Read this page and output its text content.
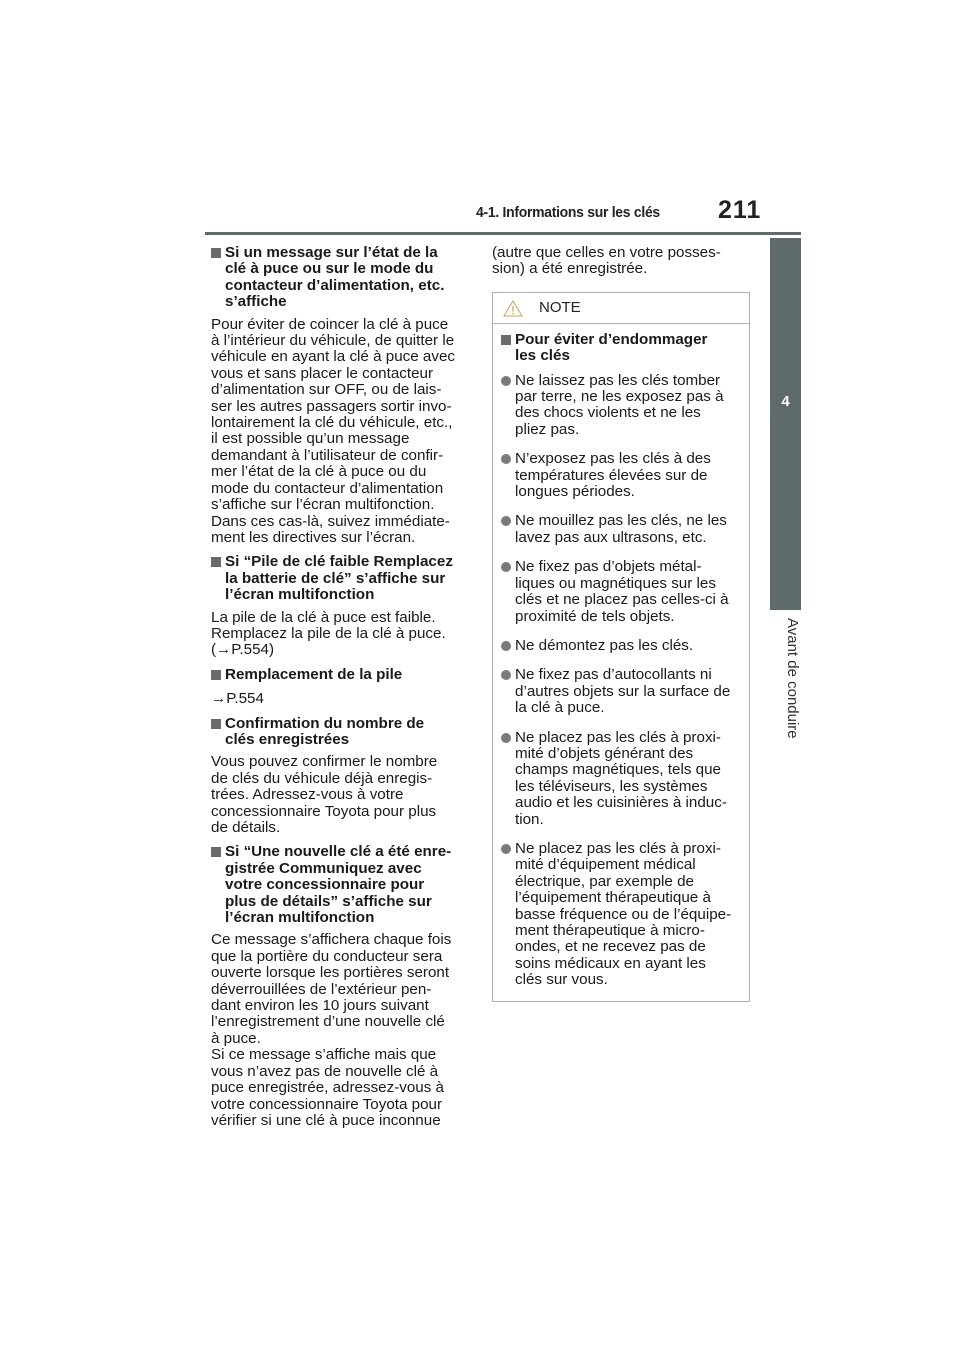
4-1. Informations sur les clés 211
4
Avant de conduire
Si un message sur l’état de la
clé à puce ou sur le mode du
contacteur d’alimentation, etc.
s’affiche
Pour éviter de coincer la clé à puce
à l’intérieur du véhicule, de quitter le
véhicule en ayant la clé à puce avec
vous et sans placer le contacteur
d’alimentation sur OFF, ou de lais-
ser les autres passagers sortir invo-
lontairement la clé du véhicule, etc.,
il est possible qu’un message
demandant à l’utilisateur de confir-
mer l’état de la clé à puce ou du
mode du contacteur d’alimentation
s’affiche sur l’écran multifonction.
Dans ces cas-là, suivez immédiate-
ment les directives sur l’écran.
Si “Pile de clé faible Remplacez
la batterie de clé” s’affiche sur
l’écran multifonction
La pile de la clé à puce est faible.
Remplacez la pile de la clé à puce.
(→P.554)
Remplacement de la pile
→P.554
Confirmation du nombre de
clés enregistrées
Vous pouvez confirmer le nombre
de clés du véhicule déjà enregis-
trées. Adressez-vous à votre
concessionnaire Toyota pour plus
de détails.
Si “Une nouvelle clé a été enre-
gistrée Communiquez avec
votre concessionnaire pour
plus de détails” s’affiche sur
l’écran multifonction
Ce message s’affichera chaque fois
que la portière du conducteur sera
ouverte lorsque les portières seront
déverrouillées de l’extérieur pen-
dant environ les 10 jours suivant
l’enregistrement d’une nouvelle clé
à puce.
Si ce message s’affiche mais que
vous n’avez pas de nouvelle clé à
puce enregistrée, adressez-vous à
votre concessionnaire Toyota pour
vérifier si une clé à puce inconnue
(autre que celles en votre posses-
sion) a été enregistrée.
NOTE
Pour éviter d’endommager
les clés
Ne laissez pas les clés tomber
par terre, ne les exposez pas à
des chocs violents et ne les
pliez pas.
N’exposez pas les clés à des
températures élevées sur de
longues périodes.
Ne mouillez pas les clés, ne les
lavez pas aux ultrasons, etc.
Ne fixez pas d’objets métal-
liques ou magnétiques sur les
clés et ne placez pas celles-ci à
proximité de tels objets.
Ne démontez pas les clés.
Ne fixez pas d’autocollants ni
d’autres objets sur la surface de
la clé à puce.
Ne placez pas les clés à proxi-
mité d’objets générant des
champs magnétiques, tels que
les téléviseurs, les systèmes
audio et les cuisinières à induc-
tion.
Ne placez pas les clés à proxi-
mité d’équipement médical
électrique, par exemple de
l’équipement thérapeutique à
basse fréquence ou de l’équipe-
ment thérapeutique à micro-
ondes, et ne recevez pas de
soins médicaux en ayant les
clés sur vous.
